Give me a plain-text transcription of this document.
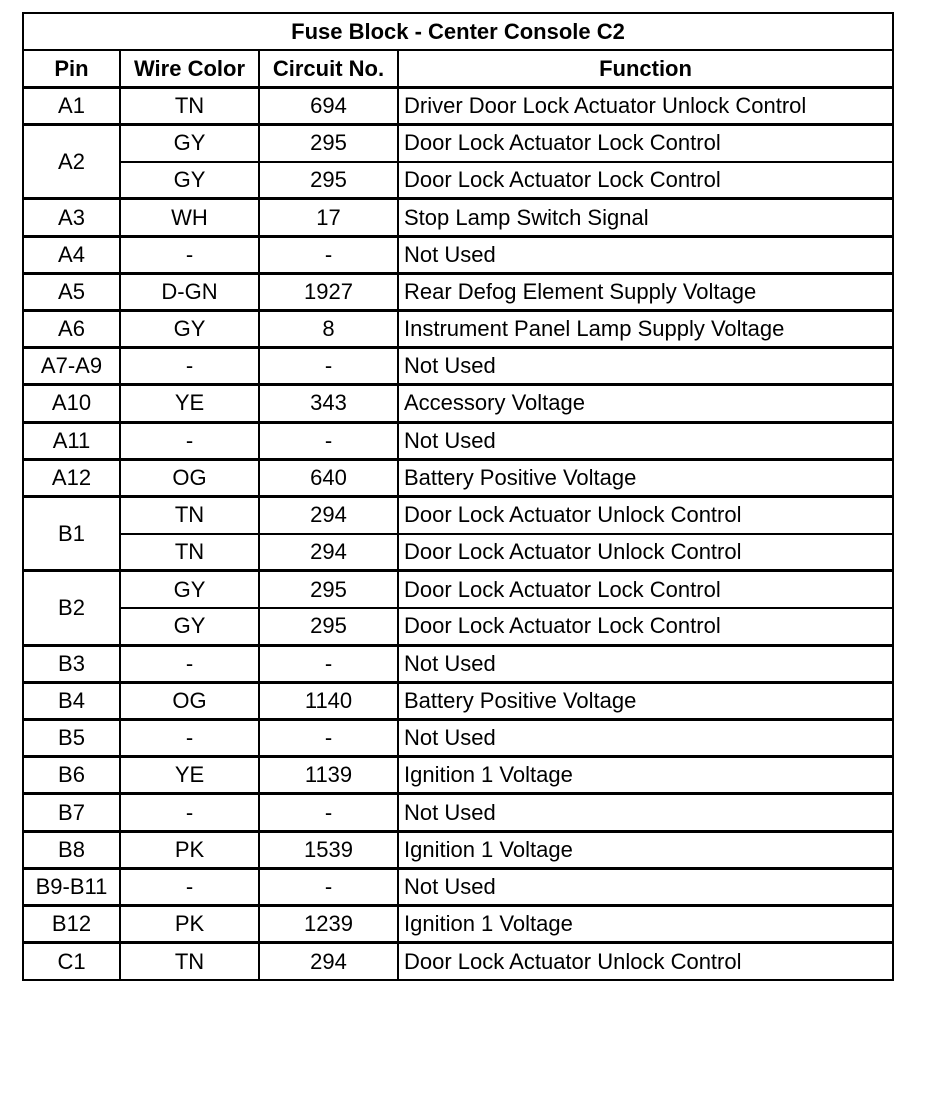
Fuse Block - Center Console C2			
Pin	Wire Color	Circuit No.	Function
A1	TN	694	Driver Door Lock Actuator Unlock Control
A2	GY	295	Door Lock Actuator Lock Control
	GY	295	Door Lock Actuator Lock Control
A3	WH	17	Stop Lamp Switch Signal
A4	-	-	Not Used
A5	D-GN	1927	Rear Defog Element Supply Voltage
A6	GY	8	Instrument Panel Lamp Supply Voltage
A7-A9	-	-	Not Used
A10	YE	343	Accessory Voltage
A11	-	-	Not Used
A12	OG	640	Battery Positive Voltage
B1	TN	294	Door Lock Actuator Unlock Control
	TN	294	Door Lock Actuator Unlock Control
B2	GY	295	Door Lock Actuator Lock Control
	GY	295	Door Lock Actuator Lock Control
B3	-	-	Not Used
B4	OG	1140	Battery Positive Voltage
B5	-	-	Not Used
B6	YE	1139	Ignition 1 Voltage
B7	-	-	Not Used
B8	PK	1539	Ignition 1 Voltage
B9-B11	-	-	Not Used
B12	PK	1239	Ignition 1 Voltage
C1	TN	294	Door Lock Actuator Unlock Control
